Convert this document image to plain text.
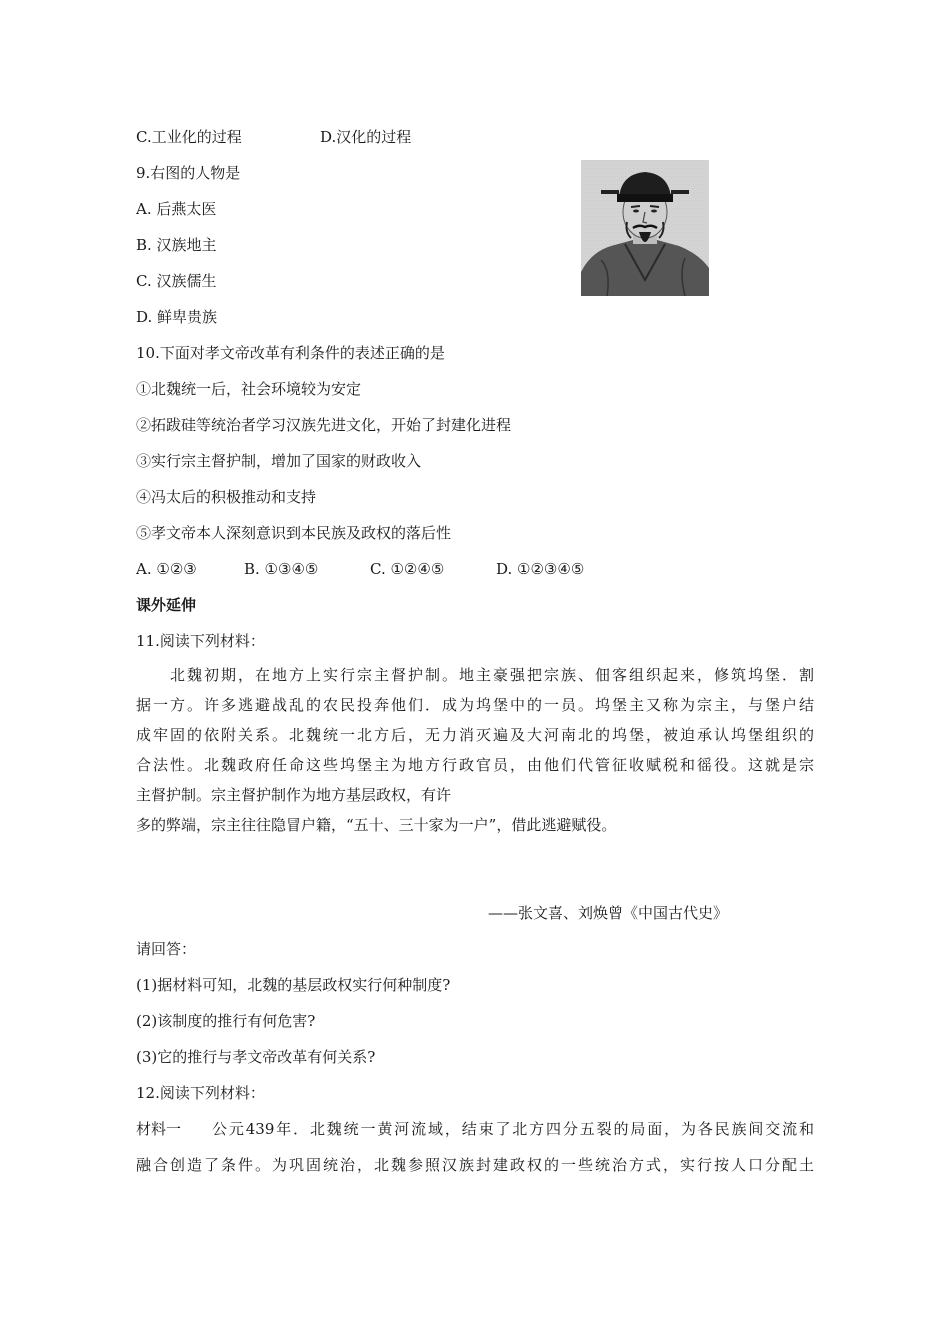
C.工业化的过程	D.汉化的过程
9.右图的人物是
A. 后燕太医
B. 汉族地主
C. 汉族儒生
D. 鲜卑贵族
10.下面对孝文帝改革有利条件的表述正确的是
①北魏统一后，社会环境较为安定
②拓跋硅等统治者学习汉族先进文化，开始了封建化进程
③实行宗主督护制，增加了国家的财政收入
④冯太后的积极推动和支持
⑤孝文帝本人深刻意识到本民族及政权的落后性
A. ①②③	B. ①③④⑤	C. ①②④⑤	D. ①②③④⑤
课外延伸
11.阅读下列材料：
北魏初期，在地方上实行宗主督护制。地主豪强把宗族、佃客组织起来，修筑坞堡．割
据一方。许多逃避战乱的农民投奔他们．成为坞堡中的一员。坞堡主又称为宗主，与堡户结
成牢固的依附关系。北魏统一北方后，无力消灭遍及大河南北的坞堡，被迫承认坞堡组织的
合法性。北魏政府任命这些坞堡主为地方行政官员，由他们代管征收赋税和徭役。这就是宗
主督护制。宗主督护制作为地方基层政权，有许
多的弊端，宗主往往隐冒户籍，“五十、三十家为一户”，借此逃避赋役。
——张文喜、刘焕曾《中国古代史》
请回答：
(1)据材料可知，北魏的基层政权实行何种制度?
(2)该制度的推行有何危害?
(3)它的推行与孝文帝改革有何关系?
12.阅读下列材料：
材料一 公元439年．北魏统一黄河流域，结束了北方四分五裂的局面，为各民族间交流和
融合创造了条件。为巩固统治，北魏参照汉族封建政权的一些统治方式，实行按人口分配土
